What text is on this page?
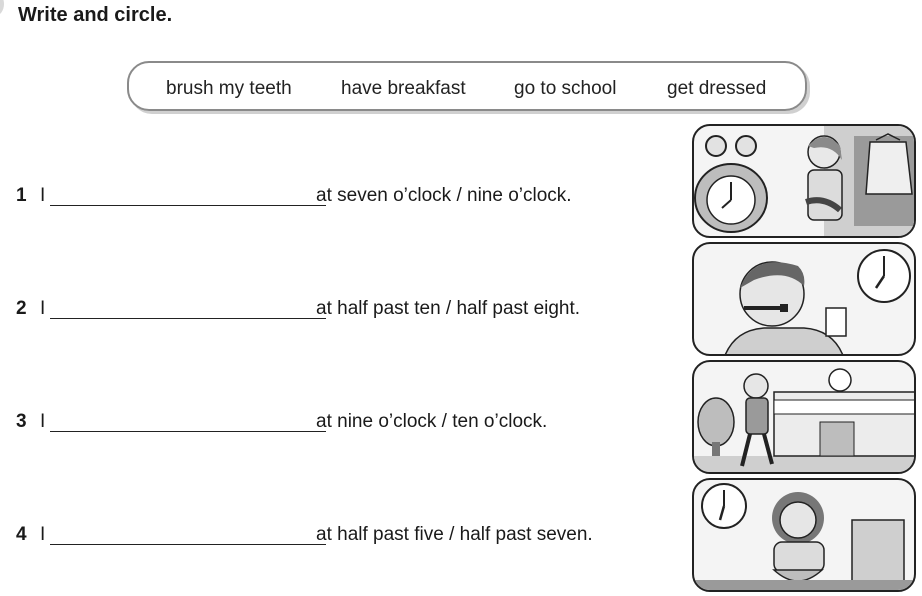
Write and circle.
brush my teeth	have breakfast	go to school	get dressed
1 I	at seven o’clock / nine o’clock.
2 I	at half past ten / half past eight.
3 I	at nine o’clock / ten o’clock.
4 I	at half past five / half past seven.
